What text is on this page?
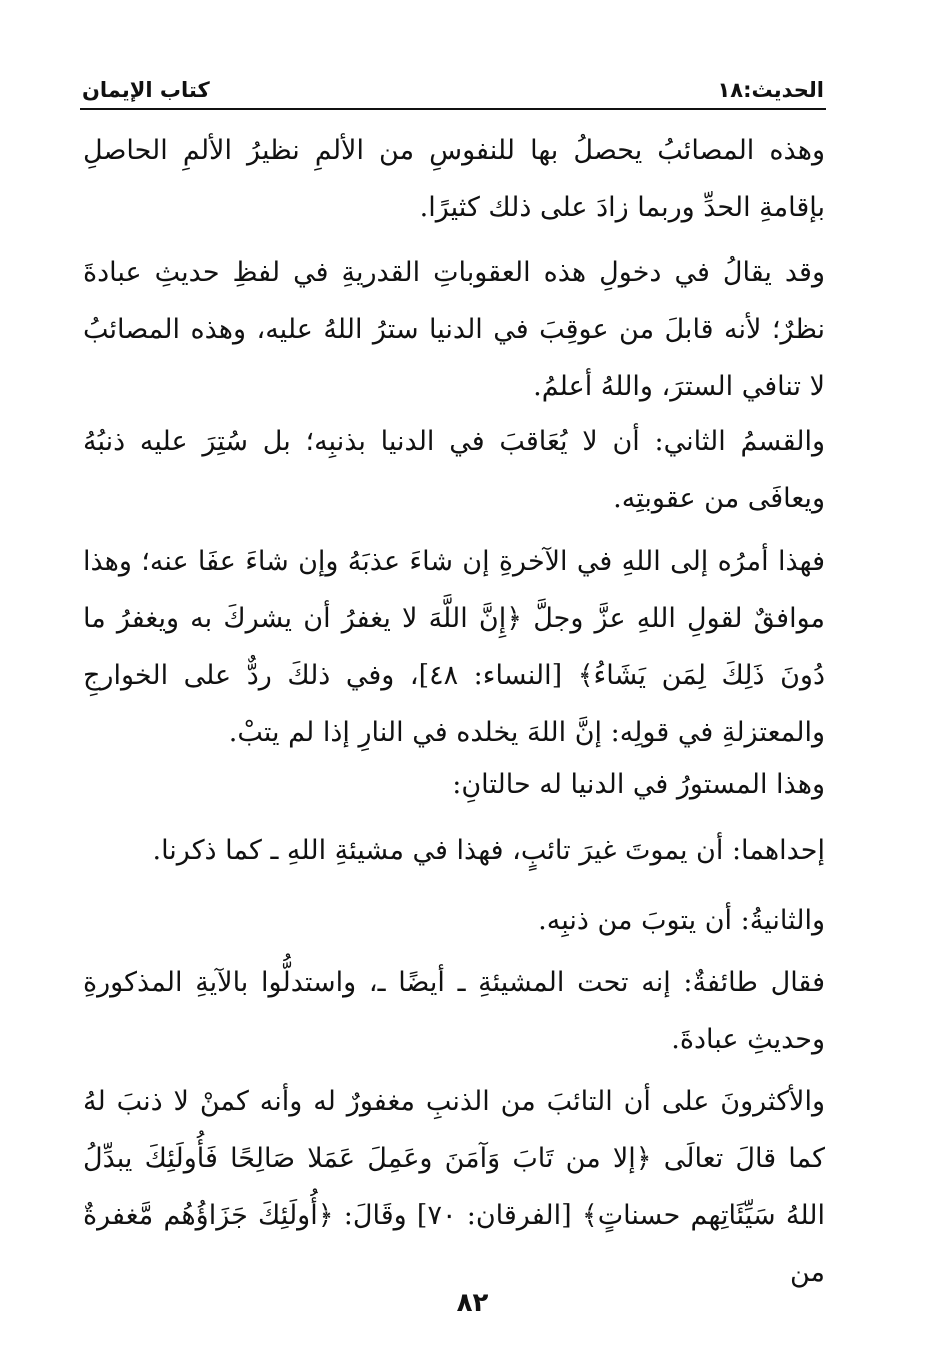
الحديث:١٨
كتاب الإيمان

وهذه المصائبُ يحصلُ بها للنفوسِ من الألمِ نظيرُ الألمِ الحاصلِ بإقامةِ الحدِّ وربما زادَ على ذلك كثيرًا.

وقد يقالُ في دخولِ هذه العقوباتِ القدريةِ في لفظِ حديثِ عبادةَ نظرٌ؛ لأنه قابلَ من عوقِبَ في الدنيا سترُ اللهُ عليه، وهذه المصائبُ لا تنافي السترَ، واللهُ أعلمُ.

والقسمُ الثاني: أن لا يُعَاقبَ في الدنيا بذنبِه؛ بل سُتِرَ عليه ذنبُهُ ويعافَى من عقوبتِه.

فهذا أمرُه إلى اللهِ في الآخرةِ إن شاءَ عذبَهُ وإن شاءَ عفَا عنه؛ وهذا موافقٌ لقولِ اللهِ عزَّ وجلَّ ﴿إِنَّ اللَّهَ لا يغفرُ أن يشركَ به ويغفرُ ما دُونَ ذَلِكَ لِمَن يَشَاءُ﴾ [النساء: ٤٨]، وفي ذلكَ ردٌّ على الخوارجِ والمعتزلةِ في قولِه: إنَّ اللهَ يخلده في النارِ إذا لم يتبْ.

وهذا المستورُ في الدنيا له حالتانِ:

إحداهما: أن يموتَ غيرَ تائبٍ، فهذا في مشيئةِ اللهِ ـ كما ذكرنا.

والثانيةُ: أن يتوبَ من ذنبِه.

فقال طائفةٌ: إنه تحت المشيئةِ ـ أيضًا ـ، واستدلُّوا بالآيةِ المذكورةِ وحديثِ عبادةَ.

والأكثرونَ على أن التائبَ من الذنبِ مغفورٌ له وأنه كمنْ لا ذنبَ لهُ كما قالَ تعالَى ﴿إلا من تَابَ وَآمَنَ وعَمِلَ عَمَلا صَالِحًا فَأُولَئِكَ يبدِّلُ اللهُ سَيِّئَاتِهم حسناتٍ﴾ [الفرقان: ٧٠] وقَالَ: ﴿أُولَئِكَ جَزَاؤُهُم مَّغفرةٌ من

٨٢
